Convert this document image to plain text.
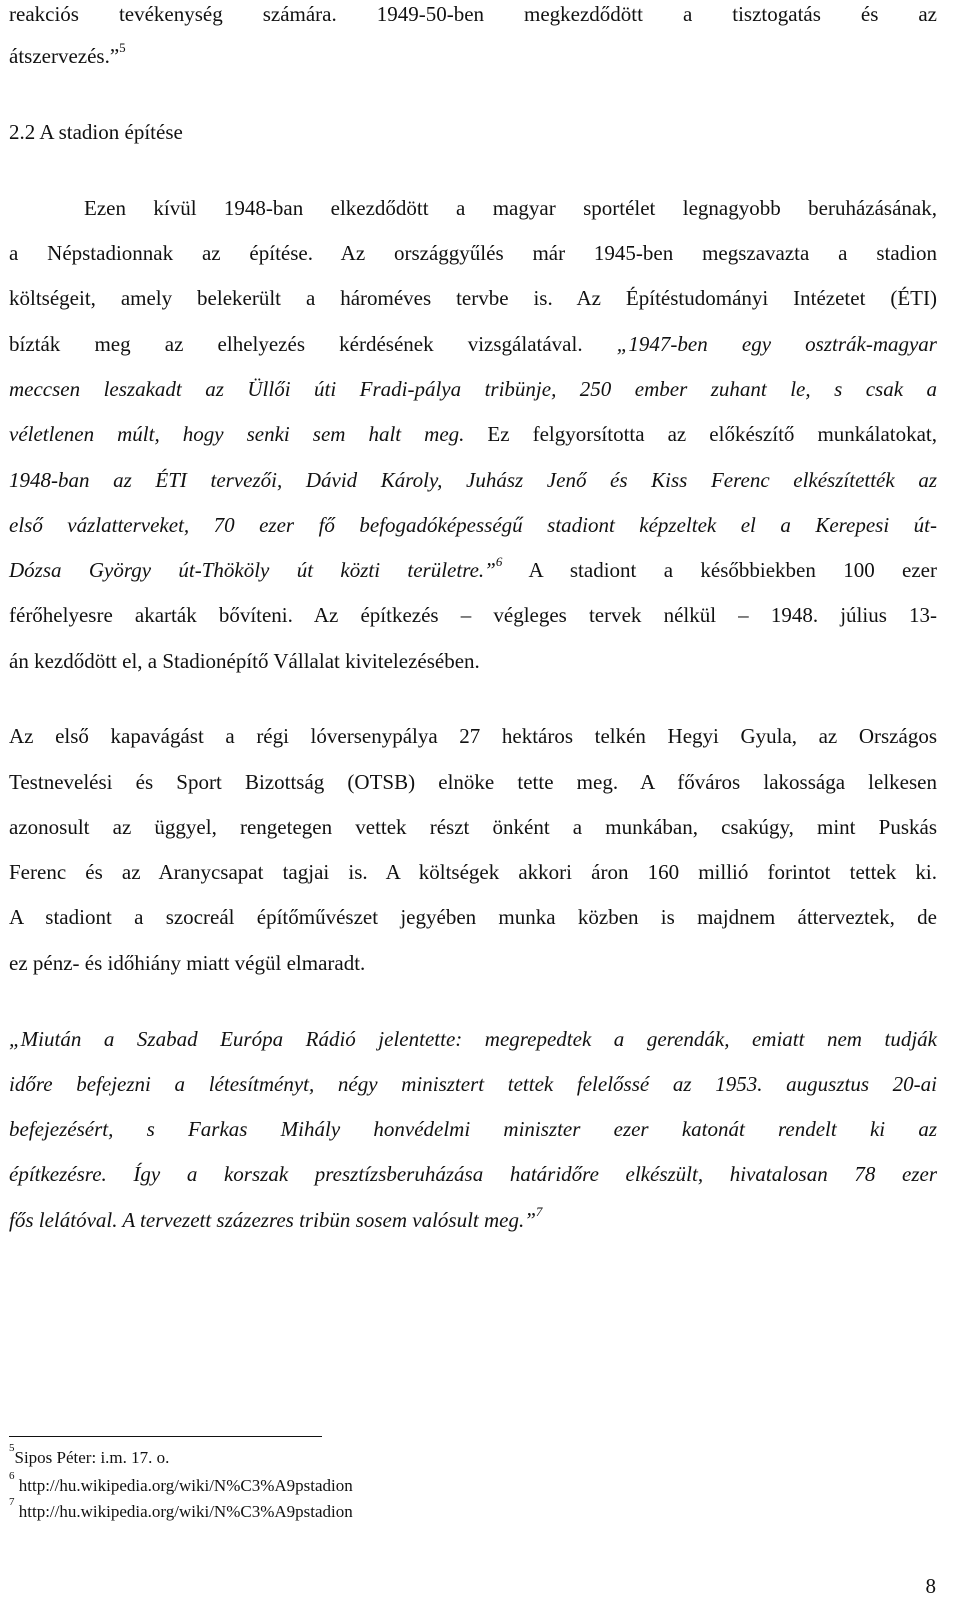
reakciós tevékenység számára. 1949-50-ben megkezdődött a tisztogatás és az
átszervezés.”$^5$
2.2 A stadion építése
Ezen kívül 1948-ban elkezdődött a magyar sportélet legnagyobb beruházásának,
a Népstadionnak az építése. Az országgyűlés már 1945-ben megszavazta a stadion
költségeit, amely belekerült a hároméves tervbe is. Az Építéstudományi Intézetet (ÉTI)
bízták meg az elhelyezés kérdésének vizsgálatával. „1947-ben egy osztrák-magyar
meccsen leszakadt az Üllői úti Fradi-pálya tribünje, 250 ember zuhant le, s csak a
véletlenen múlt, hogy senki sem halt meg. Ez felgyorsította az előkészítő munkálatokat,
1948-ban az ÉTI tervezői, Dávid Károly, Juhász Jenő és Kiss Ferenc elkészítették az
első vázlatterveket, 70 ezer fő befogadóképességű stadiont képzeltek el a Kerepesi út-
Dózsa György út-Thököly út közti területre.”$^6$ A stadiont a későbbiekben 100 ezer
férőhelyesre akarták bővíteni. Az építkezés – végleges tervek nélkül – 1948. július 13-
án kezdődött el, a Stadionépítő Vállalat kivitelezésében.
Az első kapavágást a régi lóversenypálya 27 hektáros telkén Hegyi Gyula, az Országos
Testnevelési és Sport Bizottság (OTSB) elnöke tette meg. A főváros lakossága lelkesen
azonosult az üggyel, rengetegen vettek részt önként a munkában, csakúgy, mint Puskás
Ferenc és az Aranycsapat tagjai is. A költségek akkori áron 160 millió forintot tettek ki.
A stadiont a szocreál építőművészet jegyében munka közben is majdnem átterveztek, de
ez pénz- és időhiány miatt végül elmaradt.
„Miután a Szabad Európa Rádió jelentette: megrepedtek a gerendák, emiatt nem tudják
időre befejezni a létesítményt, négy minisztert tettek felelőssé az 1953. augusztus 20-ai
befejezésért, s Farkas Mihály honvédelmi miniszter ezer katonát rendelt ki az
építkezésre. Így a korszak presztízsberuházása határidőre elkészült, hivatalosan 78 ezer
fős lelátóval. A tervezett százezres tribün sosem valósult meg.”$^7$
$^5$Sipos Péter: i.m. 17. o.
$^6$ http://hu.wikipedia.org/wiki/N%C3%A9pstadion
$^7$ http://hu.wikipedia.org/wiki/N%C3%A9pstadion
8
